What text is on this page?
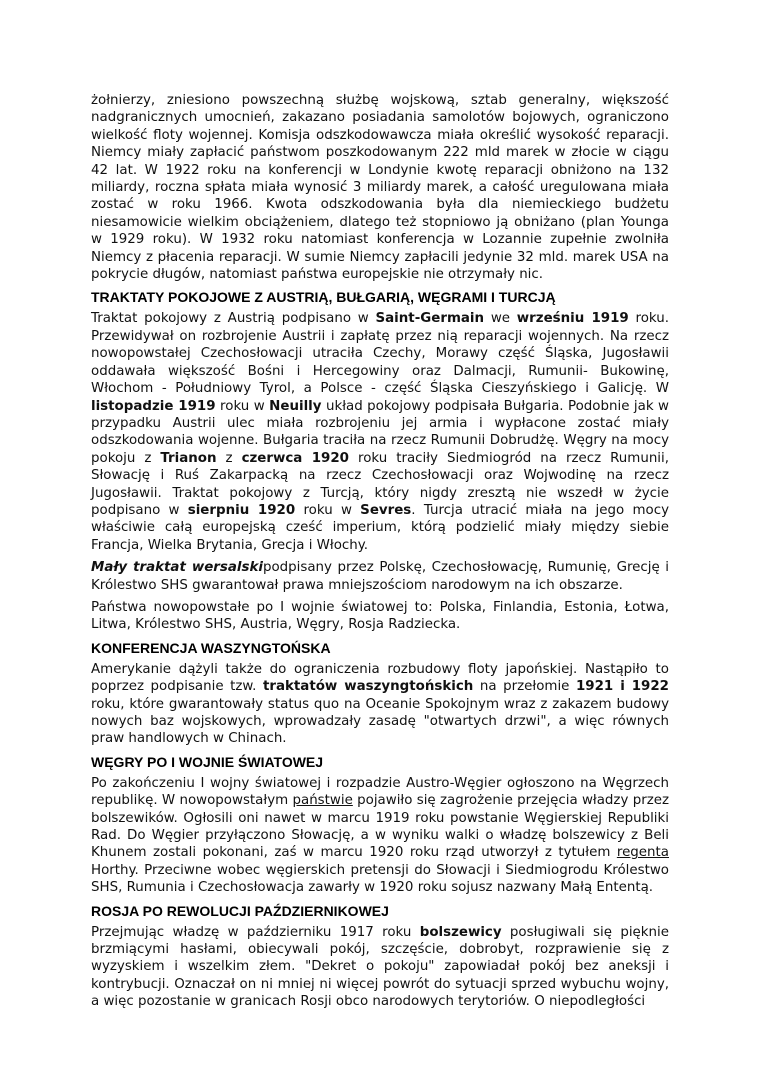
żołnierzy, zniesiono powszechną służbę wojskową, sztab generalny, większość nadgranicznych umocnień, zakazano posiadania samolotów bojowych, ograniczono wielkość floty wojennej. Komisja odszkodowawcza miała określić wysokość reparacji. Niemcy miały zapłacić państwom poszkodowanym 222 mld marek w złocie w ciągu 42 lat. W 1922 roku na konferencji w Londynie kwotę reparacji obniżono na 132 miliardy, roczna spłata miała wynosić 3 miliardy marek, a całość uregulowana miała zostać w roku 1966. Kwota odszkodowania była dla niemieckiego budżetu niesamowicie wielkim obciążeniem, dlatego też stopniowo ją obniżano (plan Younga w 1929 roku). W 1932 roku natomiast konferencja w Lozannie zupełnie zwolniła Niemcy z płacenia reparacji. W sumie Niemcy zapłacili jedynie 32 mld. marek USA na pokrycie długów, natomiast państwa europejskie nie otrzymały nic.

TRAKTATY POKOJOWE Z AUSTRIĄ, BUŁGARIĄ, WĘGRAMI I TURCJĄ

Traktat pokojowy z Austrią podpisano w Saint-Germain we wrześniu 1919 roku. Przewidywał on rozbrojenie Austrii i zapłatę przez nią reparacji wojennych. Na rzecz nowopowstałej Czechosłowacji utraciła Czechy, Morawy część Śląska, Jugosławii oddawała większość Bośni i Hercegowiny oraz Dalmacji, Rumunii- Bukowinę, Włochom - Południowy Tyrol, a Polsce - część Śląska Cieszyńskiego i Galicję. W listopadzie 1919 roku w Neuilly układ pokojowy podpisała Bułgaria. Podobnie jak w przypadku Austrii ulec miała rozbrojeniu jej armia i wypłacone zostać miały odszkodowania wojenne. Bułgaria traciła na rzecz Rumunii Dobrudżę. Węgry na mocy pokoju z Trianon z czerwca 1920 roku traciły Siedmiogród na rzecz Rumunii, Słowację i Ruś Zakarpacką na rzecz Czechosłowacji oraz Wojwodinę na rzecz Jugosławii. Traktat pokojowy z Turcją, który nigdy zresztą nie wszedł w życie podpisano w sierpniu 1920 roku w Sevres. Turcja utracić miała na jego mocy właściwie całą europejską cześć imperium, którą podzielić miały między siebie Francja, Wielka Brytania, Grecja i Włochy.

Mały traktat wersalskipodpisany przez Polskę, Czechosłowację, Rumunię, Grecję i Królestwo SHS gwarantował prawa mniejszościom narodowym na ich obszarze.

Państwa nowopowstałe po I wojnie światowej to: Polska, Finlandia, Estonia, Łotwa, Litwa, Królestwo SHS, Austria, Węgry, Rosja Radziecka.

KONFERENCJA WASZYNGTOŃSKA

Amerykanie dążyli także do ograniczenia rozbudowy floty japońskiej. Nastąpiło to poprzez podpisanie tzw. traktatów waszyngtońskich na przełomie 1921 i 1922 roku, które gwarantowały status quo na Oceanie Spokojnym wraz z zakazem budowy nowych baz wojskowych, wprowadzały zasadę "otwartych drzwi", a więc równych praw handlowych w Chinach.

WĘGRY PO I WOJNIE ŚWIATOWEJ

Po zakończeniu I wojny światowej i rozpadzie Austro-Węgier ogłoszono na Węgrzech republikę. W nowopowstałym państwie pojawiło się zagrożenie przejęcia władzy przez bolszewików. Ogłosili oni nawet w marcu 1919 roku powstanie Węgierskiej Republiki Rad. Do Węgier przyłączono Słowację, a w wyniku walki o władzę bolszewicy z Beli Khunem zostali pokonani, zaś w marcu 1920 roku rząd utworzył z tytułem regenta Horthy. Przeciwne wobec węgierskich pretensji do Słowacji i Siedmiogrodu Królestwo SHS, Rumunia i Czechosłowacja zawarły w 1920 roku sojusz nazwany Małą Ententą.

ROSJA PO REWOLUCJI PAŹDZIERNIKOWEJ

Przejmując władzę w październiku 1917 roku bolszewicy posługiwali się pięknie brzmiącymi hasłami, obiecywali pokój, szczęście, dobrobyt, rozprawienie się z wyzyskiem i wszelkim złem. "Dekret o pokoju" zapowiadał pokój bez aneksji i kontrybucji. Oznaczał on ni mniej ni więcej powrót do sytuacji sprzed wybuchu wojny, a więc pozostanie w granicach Rosji obco narodowych terytoriów. O niepodległości
